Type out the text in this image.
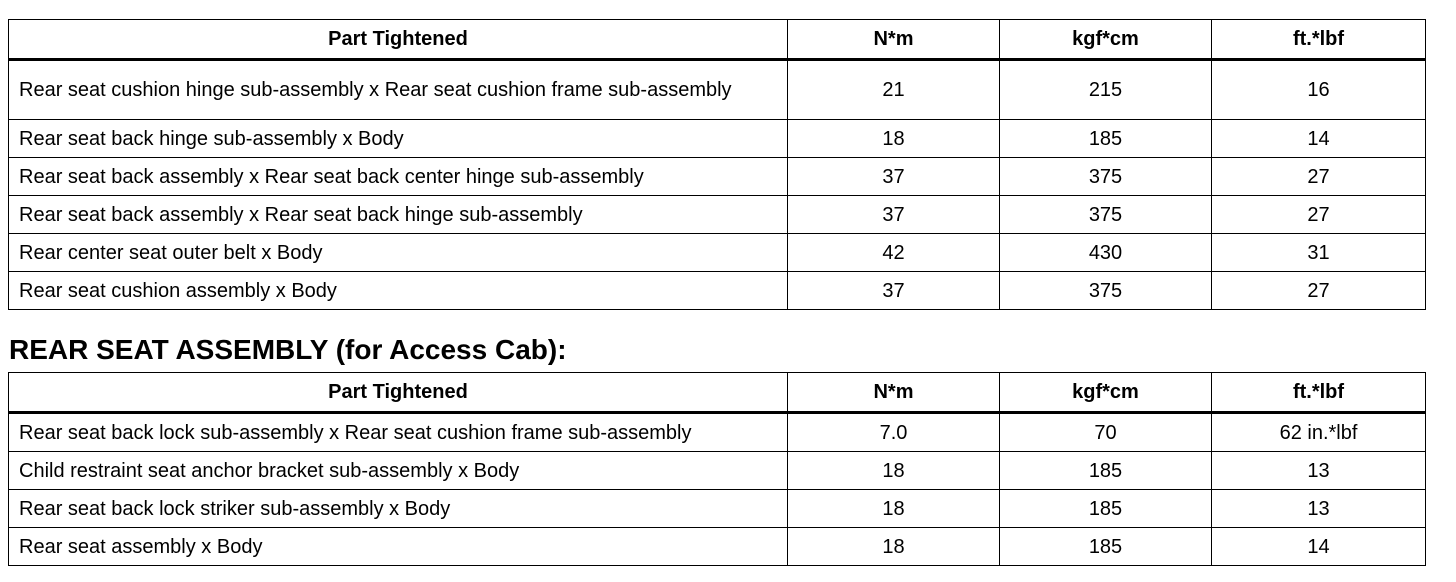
Part Tightened	N*m	kgf*cm	ft.*lbf
Rear seat cushion hinge sub-assembly x Rear seat cushion frame sub-assembly	21	215	16
Rear seat back hinge sub-assembly x Body	18	185	14
Rear seat back assembly x Rear seat back center hinge sub-assembly	37	375	27
Rear seat back assembly x Rear seat back hinge sub-assembly	37	375	27
Rear center seat outer belt x Body	42	430	31
Rear seat cushion assembly x Body	37	375	27
REAR SEAT ASSEMBLY (for Access Cab):
Part Tightened	N*m	kgf*cm	ft.*lbf
Rear seat back lock sub-assembly x Rear seat cushion frame sub-assembly	7.0	70	62 in.*lbf
Child restraint seat anchor bracket sub-assembly x Body	18	185	13
Rear seat back lock striker sub-assembly x Body	18	185	13
Rear seat assembly x Body	18	185	14
